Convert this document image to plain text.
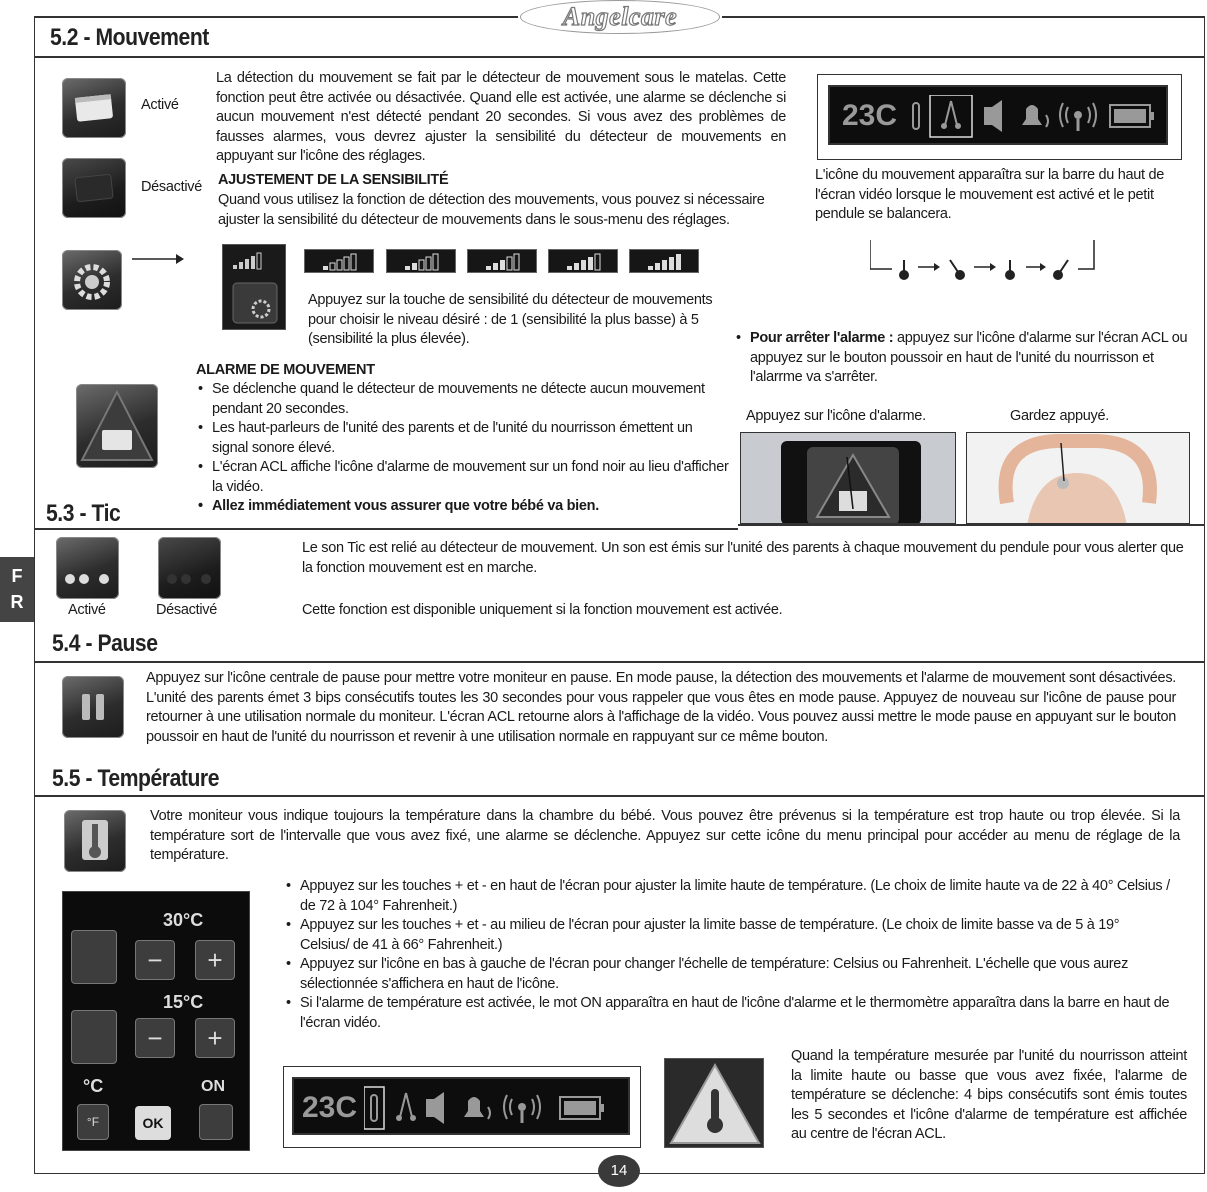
Angelcare
F
R
5.2 - Mouvement
Activé
Désactivé
La détection du mouvement se fait par le détecteur de mouvement sous le matelas. Cette fonction peut être activée ou désactivée. Quand elle est activée, une alarme se déclenche si aucun mouvement n'est détecté pendant 20 secondes. Si vous avez des problèmes de fausses alarmes, vous devrez ajuster la sensibilité du détecteur de mouvements en appuyant sur l'icône des réglages.
AJUSTEMENT DE LA SENSIBILITÉ
Quand vous utilisez la fonction de détection des mouvements, vous pouvez si nécessaire ajuster la sensibilité du détecteur de mouvements dans le sous-menu des réglages.
23C
L'icône du mouvement apparaîtra sur la barre du haut de l'écran vidéo lorsque le mouvement est activé et le petit pendule se balancera.
Appuyez sur la touche de sensibilité du détecteur de mouvements pour choisir le niveau désiré : de 1 (sensibilité la plus basse) à 5 (sensibilité la plus élevée).
ALARME DE MOUVEMENT
• Se déclenche quand le détecteur de mouvements ne détecte aucun mouvement pendant 20 secondes.
• Les haut-parleurs de l'unité des parents et de l'unité du nourrisson émettent un signal sonore élevé.
• L'écran ACL affiche l'icône d'alarme de mouvement sur un fond noir au lieu d'afficher la vidéo.
• Allez immédiatement vous assurer que votre bébé va bien.
• Pour arrêter l'alarme : appuyez sur l'icône d'alarme sur l'écran ACL ou appuyez sur le bouton poussoir en haut de l'unité du nourrisson et l'alarrme va s'arrêter.
Appuyez sur l'icône d'alarme.	Gardez appuyé.
5.3 - Tic
Activé	Désactivé
Le son Tic est relié au détecteur de mouvement. Un son est émis sur l'unité des parents à chaque mouvement du pendule pour vous alerter que la fonction mouvement est en marche.
Cette fonction est disponible uniquement si la fonction mouvement est activée.
5.4 - Pause
Appuyez sur l'icône centrale de pause pour mettre votre moniteur en pause. En mode pause, la détection des mouvements et l'alarme de mouvement sont désactivées. L'unité des parents émet 3 bips consécutifs toutes les 30 secondes pour vous rappeler que vous êtes en mode pause. Appuyez de nouveau sur l'icône de pause pour retourner à une utilisation normale du moniteur. L'écran ACL retourne alors à l'affichage de la vidéo. Vous pouvez aussi mettre le mode pause en appuyant sur le bouton poussoir en haut de l'unité du nourrisson et revenir à une utilisation normale en rappuyant sur ce même bouton.
5.5 - Température
Votre moniteur vous indique toujours la température dans la chambre du bébé. Vous pouvez être prévenus si la température est trop haute ou trop élevée. Si la température sort de l'intervalle que vous avez fixé, une alarme se déclenche. Appuyez sur cette icône du menu principal pour accéder au menu de réglage de la température.
30°C
−	+
15°C
−	+
°C	ON
°F	OK
• Appuyez sur les touches + et - en haut de l'écran pour ajuster la limite haute de température. (Le choix de limite haute va de 22 à 40° Celsius / de 72 à 104° Fahrenheit.)
• Appuyez sur les touches + et - au milieu de l'écran pour ajuster la limite basse de température. (Le choix de limite basse va de 5 à 19° Celsius/ de 41 à 66° Fahrenheit.)
• Appuyez sur l'icône en bas à gauche de l'écran pour changer l'échelle de température: Celsius ou Fahrenheit. L'échelle que vous aurez sélectionnée s'affichera en haut de l'icône.
• Si l'alarme de température est activée, le mot ON apparaîtra en haut de l'icône d'alarme et le thermomètre apparaîtra dans la barre en haut de l'écran vidéo.
23C
Quand la température mesurée par l'unité du nourrisson atteint la limite haute ou basse que vous avez fixée, l'alarme de température se déclenche: 4 bips consécutifs sont émis toutes les 5 secondes et l'icône d'alarme de température est affichée au centre de l'écran ACL.
14
